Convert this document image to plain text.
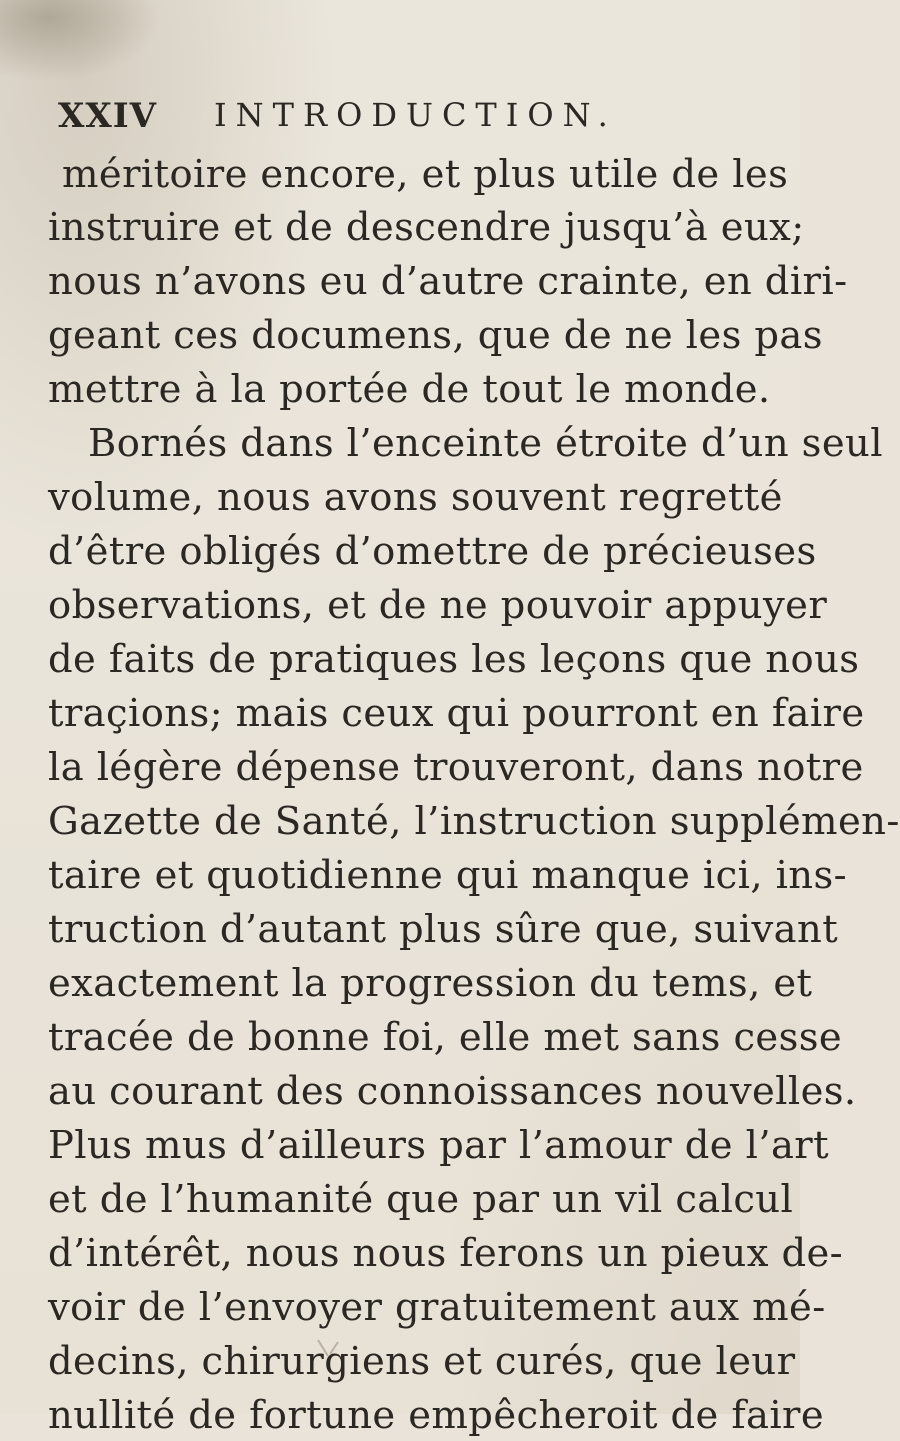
XXIV INTRODUCTION.
méritoire encore, et plus utile de les
instruire et de descendre jusqu’à eux;
nous n’avons eu d’autre crainte, en diri-
geant ces documens, que de ne les pas
mettre à la portée de tout le monde.
Bornés dans l’enceinte étroite d’un seul
volume, nous avons souvent regretté
d’être obligés d’omettre de précieuses
observations, et de ne pouvoir appuyer
de faits de pratiques les leçons que nous
traçions; mais ceux qui pourront en faire
la légère dépense trouveront, dans notre
Gazette de Santé, l’instruction supplémen-
taire et quotidienne qui manque ici, ins-
truction d’autant plus sûre que, suivant
exactement la progression du tems, et
tracée de bonne foi, elle met sans cesse
au courant des connoissances nouvelles.
Plus mus d’ailleurs par l’amour de l’art
et de l’humanité que par un vil calcul
d’intérêt, nous nous ferons un pieux de-
voir de l’envoyer gratuitement aux mé-
decins, chirurgiens et curés, que leur
nullité de fortune empêcheroit de faire
